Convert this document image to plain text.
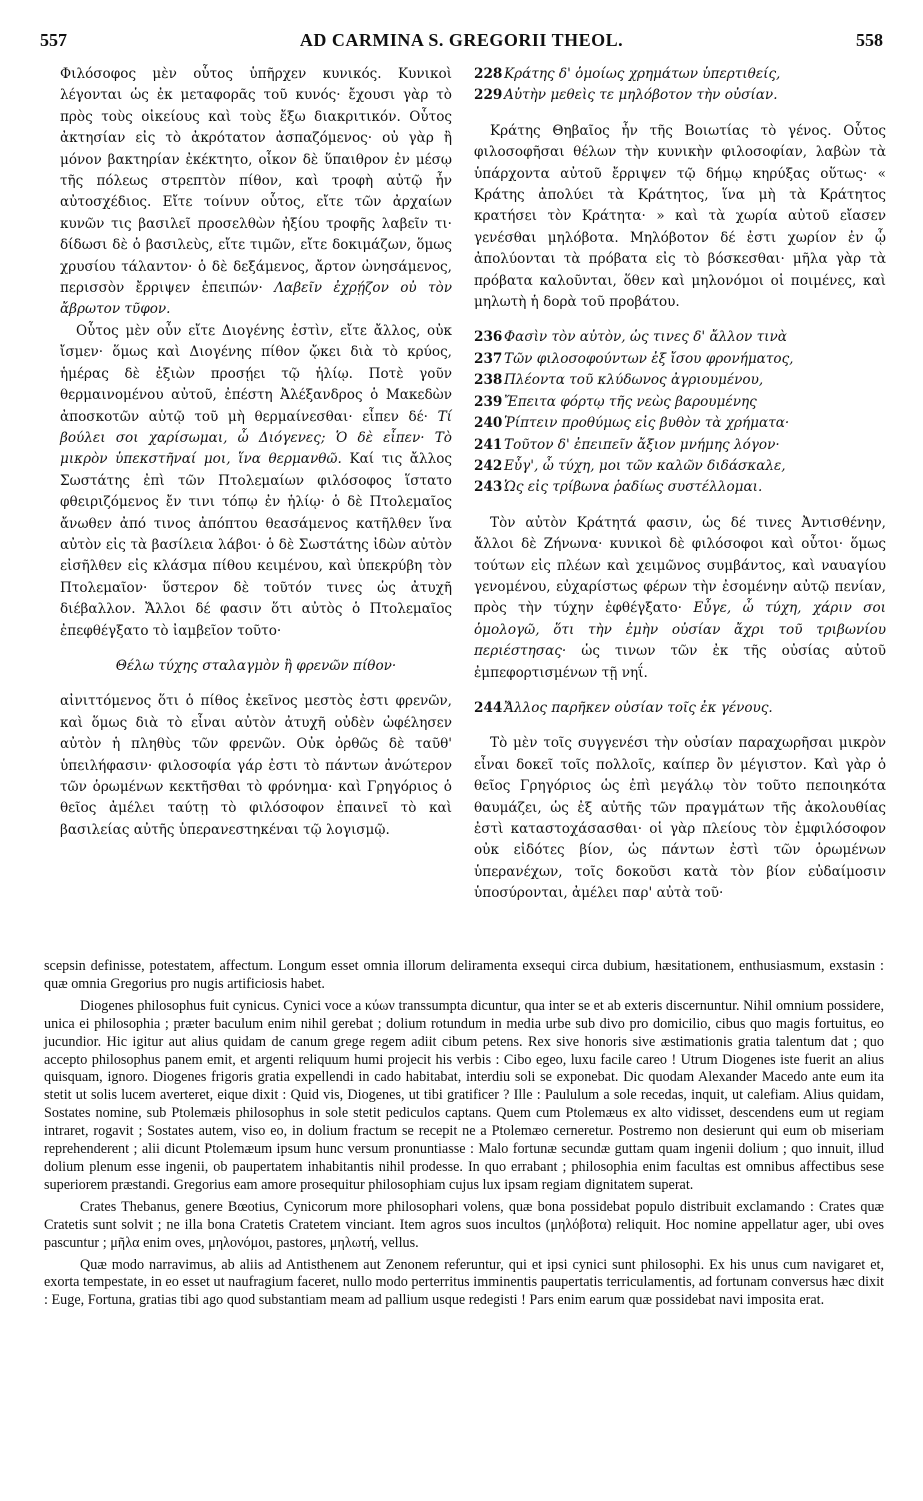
557	AD CARMINA S. GREGORII THEOL.	558

Φιλόσοφος μὲν οὗτος ὑπῆρχεν κυνικός. Κυνικοὶ λέγονται ὡς ἐκ μεταφορᾶς τοῦ κυνός· ἔχουσι γὰρ τὸ πρὸς τοὺς οἰκείους καὶ τοὺς ἔξω διακριτικόν. Οὗτος ἀκτησίαν εἰς τὸ ἀκρότατον ἀσπαζόμενος· οὐ γὰρ ἢ μόνον βακτηρίαν ἐκέκτητο, οἶκον δὲ ὕπαιθρον ἐν μέσῳ τῆς πόλεως στρεπτὸν πίθον, καὶ τροφὴ αὐτῷ ἦν αὐτοσχέδιος. Εἴτε τοίνυν οὗτος, εἴτε τῶν ἀρχαίων κυνῶν τις βασιλεῖ προσελθὼν ἠξίου τροφῆς λαβεῖν τι· δίδωσι δὲ ὁ βασιλεὺς, εἴτε τιμῶν, εἴτε δοκιμάζων, ὅμως χρυσίου τάλαντον· ὁ δὲ δεξάμενος, ἄρτον ὠνησάμενος, περισσὸν ἔρριψεν ἐπειπών· Λαβεῖν ἐχρῄζον οὐ τὸν ἄβρωτον τῦφον.

Οὗτος μὲν οὖν εἴτε Διογένης ἐστὶν, εἴτε ἄλλος, οὐκ ἴσμεν· ὅμως καὶ Διογένης πίθον ᾤκει διὰ τὸ κρύος, ἡμέρας δὲ ἐξιὼν προσῄει τῷ ἡλίῳ. Ποτὲ γοῦν θερμαινομένου αὐτοῦ, ἐπέστη Ἀλέξανδρος ὁ Μακεδὼν ἀποσκοτῶν αὐτῷ τοῦ μὴ θερμαίνεσθαι· εἶπεν δέ· Τί βούλει σοι χαρίσωμαι, ὦ Διόγενες; Ὁ δὲ εἶπεν· Τὸ μικρὸν ὑπεκστῆναί μοι, ἵνα θερμανθῶ. Καί τις ἄλλος Σωστάτης ἐπὶ τῶν Πτολεμαίων φιλόσοφος ἵστατο φθειριζόμενος ἔν τινι τόπῳ ἐν ἡλίῳ· ὁ δὲ Πτολεμαῖος ἄνωθεν ἀπό τινος ἀπόπτου θεασάμενος κατῆλθεν ἵνα αὐτὸν εἰς τὰ βασίλεια λάβοι· ὁ δὲ Σωστάτης ἰδὼν αὐτὸν εἰσῆλθεν εἰς κλάσμα πίθου κειμένου, καὶ ὑπεκρύβη τὸν Πτολεμαῖον· ὕστερον δὲ τοῦτόν τινες ὡς ἀτυχῆ διέβαλλον. Ἄλλοι δέ φασιν ὅτι αὐτὸς ὁ Πτολεμαῖος ἐπεφθέγξατο τὸ ἰαμβεῖον τοῦτο·

Θέλω τύχης σταλαγμὸν ἢ φρενῶν πίθον·

αἰνιττόμενος ὅτι ὁ πίθος ἐκεῖνος μεστὸς ἐστι φρενῶν, καὶ ὅμως διὰ τὸ εἶναι αὐτὸν ἀτυχῆ οὐδὲν ὠφέλησεν αὐτὸν ἡ πληθὺς τῶν φρενῶν. Οὐκ ὀρθῶς δὲ ταῦθ' ὑπειλήφασιν· φιλοσοφία γάρ ἐστι τὸ πάντων ἀνώτερον τῶν ὁρωμένων κεκτῆσθαι τὸ φρόνημα· καὶ Γρηγόριος ὁ θεῖος ἀμέλει ταύτῃ τὸ φιλόσοφον ἐπαινεῖ τὸ καὶ βασιλείας αὐτῆς ὑπερανεστηκέναι τῷ λογισμῷ.

228 Κράτης δ' ὁμοίως χρημάτων ὑπερτιθείς,

229 Αὐτὴν μεθεὶς τε μηλόβοτον τὴν οὐσίαν.

Κράτης Θηβαῖος ἦν τῆς Βοιωτίας τὸ γένος. Οὗτος φιλοσοφῆσαι θέλων τὴν κυνικὴν φιλοσοφίαν, λαβὼν τὰ ὑπάρχοντα αὐτοῦ ἔρριψεν τῷ δήμῳ κηρύξας οὕτως· « Κράτης ἀπολύει τὰ Κράτητος, ἵνα μὴ τὰ Κράτητος κρατήσει τὸν Κράτητα· » καὶ τὰ χωρία αὐτοῦ εἴασεν γενέσθαι μηλόβοτα. Μηλόβοτον δέ ἐστι χωρίον ἐν ᾧ ἀπολύονται τὰ πρόβατα εἰς τὸ βόσκεσθαι· μῆλα γὰρ τὰ πρόβατα καλοῦνται, ὅθεν καὶ μηλονόμοι οἱ ποιμένες, καὶ μηλωτὴ ἡ δορὰ τοῦ προβάτου.

236 Φασὶν τὸν αὐτὸν, ὡς τινες δ' ἄλλον τινὰ

237 Τῶν φιλοσοφούντων ἐξ ἴσου φρονήματος,

238 Πλέοντα τοῦ κλύδωνος ἀγριουμένου,

239 Ἔπειτα φόρτῳ τῆς νεὼς βαρουμένης

240 Ῥίπτειν προθύμως εἰς βυθὸν τὰ χρήματα·

241 Τοῦτον δ' ἐπειπεῖν ἄξιον μνήμης λόγον·

242 Εὖγ', ὦ τύχη, μοι τῶν καλῶν διδάσκαλε,

243 Ὡς εἰς τρίβωνα ῥαδίως συστέλλομαι.

Τὸν αὐτὸν Κράτητά φασιν, ὡς δέ τινες Ἀντισθένην, ἄλλοι δὲ Ζήνωνα· κυνικοὶ δὲ φιλόσοφοι καὶ οὗτοι· ὅμως τούτων εἰς πλέων καὶ χειμῶνος συμβάντος, καὶ ναυαγίου γενομένου, εὐχαρίστως φέρων τὴν ἐσομένην αὐτῷ πενίαν, πρὸς τὴν τύχην ἐφθέγξατο· Εὖγε, ὦ τύχη, χάριν σοι ὁμολογῶ, ὅτι τὴν ἐμὴν οὐσίαν ἄχρι τοῦ τριβωνίου περιέστησας· ὡς τινων τῶν ἐκ τῆς οὐσίας αὐτοῦ ἐμπεφορτισμένων τῇ νηΐ.

244 Ἄλλος παρῆκεν οὐσίαν τοῖς ἐκ γένους.

Τὸ μὲν τοῖς συγγενέσι τὴν οὐσίαν παραχωρῆσαι μικρὸν εἶναι δοκεῖ τοῖς πολλοῖς, καίπερ ὂν μέγιστον. Καὶ γὰρ ὁ θεῖος Γρηγόριος ὡς ἐπὶ μεγάλῳ τὸν τοῦτο πεποιηκότα θαυμάζει, ὡς ἐξ αὐτῆς τῶν πραγμάτων τῆς ἀκολουθίας ἐστὶ καταστοχάσασθαι· οἱ γὰρ πλείους τὸν ἐμφιλόσοφον οὐκ εἰδότες βίον, ὡς πάντων ἐστὶ τῶν ὁρωμένων ὑπερανέχων, τοῖς δοκοῦσι κατὰ τὸν βίον εὐδαίμοσιν ὑποσύρονται, ἀμέλει παρ' αὐτὰ τοῦ·

scepsin definisse, potestatem, affectum. Longum esset omnia illorum deliramenta exsequi circa dubium, hæsitationem, enthusiasmum, exstasin : quæ omnia Gregorius pro nugis artificiosis habet.

Diogenes philosophus fuit cynicus. Cynici voce a κύων transsumpta dicuntur, qua inter se et ab exteris discernuntur. Nihil omnium possidere, unica ei philosophia ; præter baculum enim nihil gerebat ; dolium rotundum in media urbe sub divo pro domicilio, cibus quo magis fortuitus, eo jucundior. Hic igitur aut alius quidam de canum grege regem adiit cibum petens. Rex sive honoris sive æstimationis gratia talentum dat ; quo accepto philosophus panem emit, et argenti reliquum humi projecit his verbis : Cibo egeo, luxu facile careo ! Utrum Diogenes iste fuerit an alius quisquam, ignoro. Diogenes frigoris gratia expellendi in cado habitabat, interdiu soli se exponebat. Dic quodam Alexander Macedo ante eum ita stetit ut solis lucem averteret, eique dixit : Quid vis, Diogenes, ut tibi gratificer ? Ille : Paululum a sole recedas, inquit, ut calefiam. Alius quidam, Sostates nomine, sub Ptolemæis philosophus in sole stetit pediculos captans. Quem cum Ptolemæus ex alto vidisset, descendens eum ut regiam intraret, rogavit ; Sostates autem, viso eo, in dolium fractum se recepit ne a Ptolemæo cerneretur. Postremo non desierunt qui eum ob miseriam reprehenderent ; alii dicunt Ptolemæum ipsum hunc versum pronuntiasse : Malo fortunæ secundæ guttam quam ingenii dolium ; quo innuit, illud dolium plenum esse ingenii, ob paupertatem inhabitantis nihil prodesse. In quo errabant ; philosophia enim facultas est omnibus affectibus sese superiorem præstandi. Gregorius eam amore prosequitur philosophiam cujus lux ipsam regiam dignitatem superat.

Crates Thebanus, genere Bœotius, Cynicorum more philosophari volens, quæ bona possidebat populo distribuit exclamando : Crates quæ Cratetis sunt solvit ; ne illa bona Cratetis Cratetem vinciant. Item agros suos incultos (μηλόβοτα) reliquit. Hoc nomine appellatur ager, ubi oves pascuntur ; μῆλα enim oves, μηλονόμοι, pastores, μηλωτή, vellus.

Quæ modo narravimus, ab aliis ad Antisthenem aut Zenonem referuntur, qui et ipsi cynici sunt philosophi. Ex his unus cum navigaret et, exorta tempestate, in eo esset ut naufragium faceret, nullo modo perterritus imminentis paupertatis terriculamentis, ad fortunam conversus hæc dixit : Euge, Fortuna, gratias tibi ago quod substantiam meam ad pallium usque redegisti ! Pars enim earum quæ possidebat navi imposita erat.
